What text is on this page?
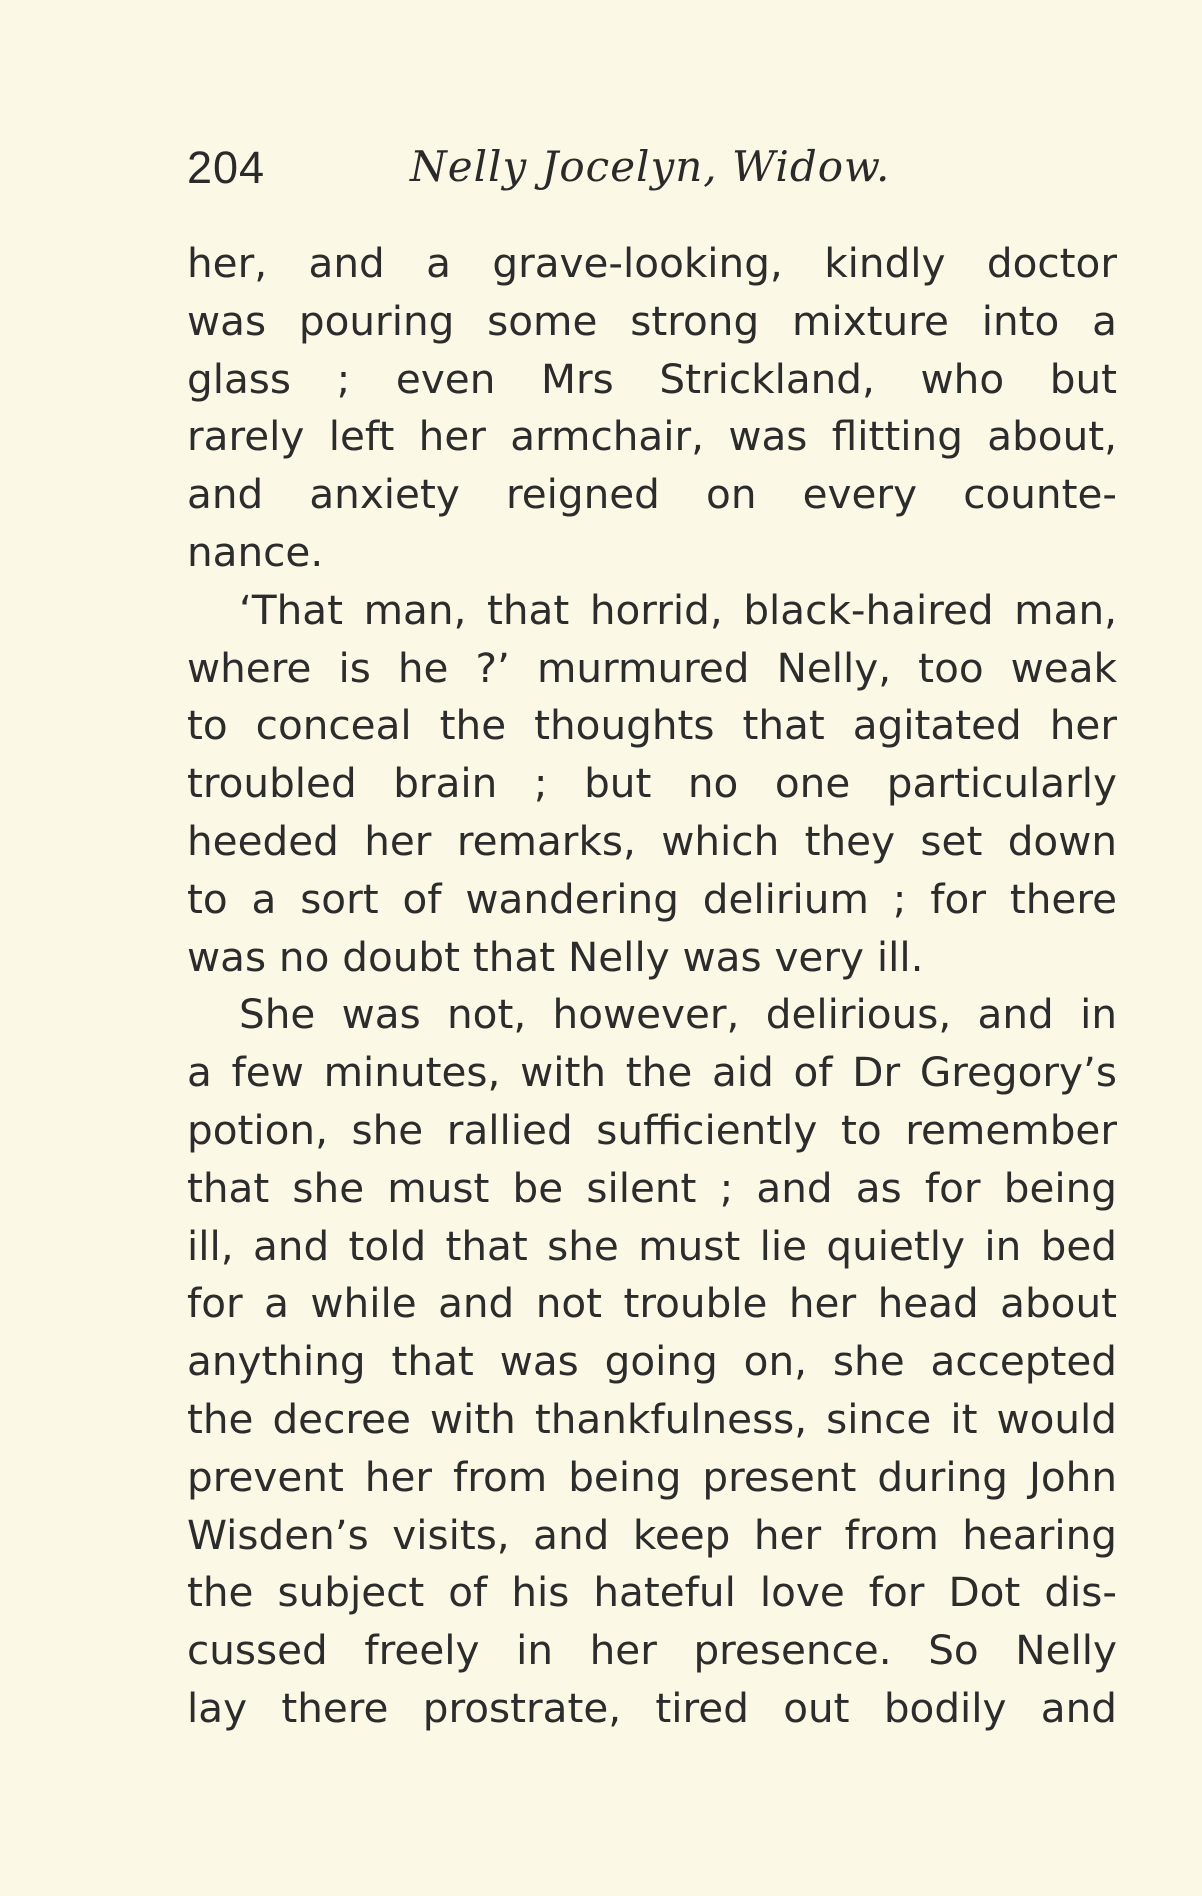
204	Nelly Jocelyn, Widow.
her, and a grave-looking, kindly doctor
was pouring some strong mixture into a
glass ; even Mrs Strickland, who but
rarely left her armchair, was flitting about,
and anxiety reigned on every counte-
nance.
‘That man, that horrid, black-haired man,
where is he ?’ murmured Nelly, too weak
to conceal the thoughts that agitated her
troubled brain ; but no one particularly
heeded her remarks, which they set down
to a sort of wandering delirium ; for there
was no doubt that Nelly was very ill.
She was not, however, delirious, and in
a few minutes, with the aid of Dr Gregory’s
potion, she rallied sufficiently to remember
that she must be silent ; and as for being
ill, and told that she must lie quietly in bed
for a while and not trouble her head about
anything that was going on, she accepted
the decree with thankfulness, since it would
prevent her from being present during John
Wisden’s visits, and keep her from hearing
the subject of his hateful love for Dot dis-
cussed freely in her presence. So Nelly
lay there prostrate, tired out bodily and
